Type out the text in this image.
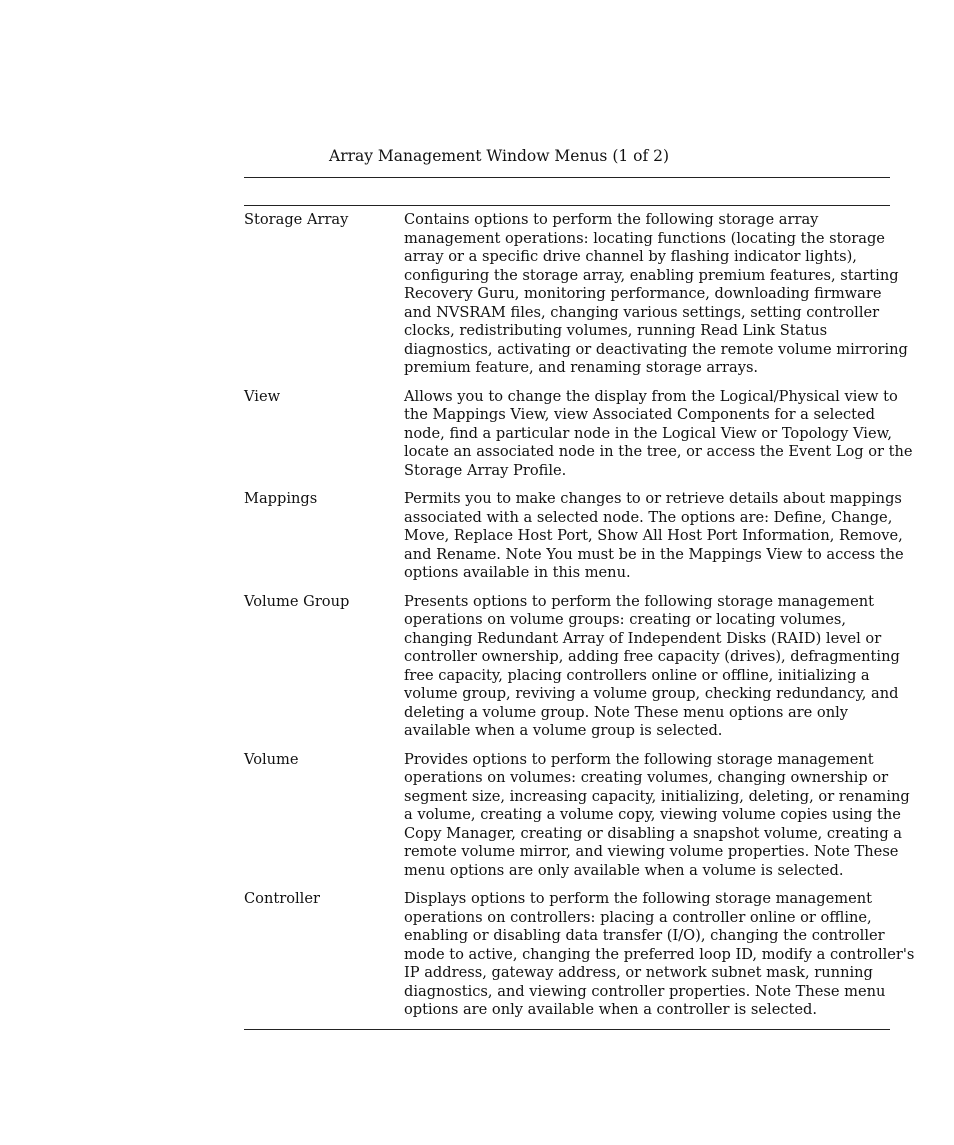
Array Management Window Menus (1 of 2)
Storage Array	Contains options to perform the following storage array
management operations: locating functions (locating the storage
array or a specific drive channel by flashing indicator lights),
configuring the storage array, enabling premium features, starting
Recovery Guru, monitoring performance, downloading firmware
and NVSRAM files, changing various settings, setting controller
clocks, redistributing volumes, running Read Link Status
diagnostics, activating or deactivating the remote volume mirroring
premium feature, and renaming storage arrays.
View	Allows you to change the display from the Logical/Physical view to
the Mappings View, view Associated Components for a selected
node, find a particular node in the Logical View or Topology View,
locate an associated node in the tree, or access the Event Log or the
Storage Array Profile.
Mappings	Permits you to make changes to or retrieve details about mappings
associated with a selected node. The options are: Define, Change,
Move, Replace Host Port, Show All Host Port Information, Remove,
and Rename. Note You must be in the Mappings View to access the
options available in this menu.
Volume Group	Presents options to perform the following storage management
operations on volume groups: creating or locating volumes,
changing Redundant Array of Independent Disks (RAID) level or
controller ownership, adding free capacity (drives), defragmenting
free capacity, placing controllers online or offline, initializing a
volume group, reviving a volume group, checking redundancy, and
deleting a volume group. Note These menu options are only
available when a volume group is selected.
Volume	Provides options to perform the following storage management
operations on volumes: creating volumes, changing ownership or
segment size, increasing capacity, initializing, deleting, or renaming
a volume, creating a volume copy, viewing volume copies using the
Copy Manager, creating or disabling a snapshot volume, creating a
remote volume mirror, and viewing volume properties. Note These
menu options are only available when a volume is selected.
Controller	Displays options to perform the following storage management
operations on controllers: placing a controller online or offline,
enabling or disabling data transfer (I/O), changing the controller
mode to active, changing the preferred loop ID, modify a controller's
IP address, gateway address, or network subnet mask, running
diagnostics, and viewing controller properties. Note These menu
options are only available when a controller is selected.
